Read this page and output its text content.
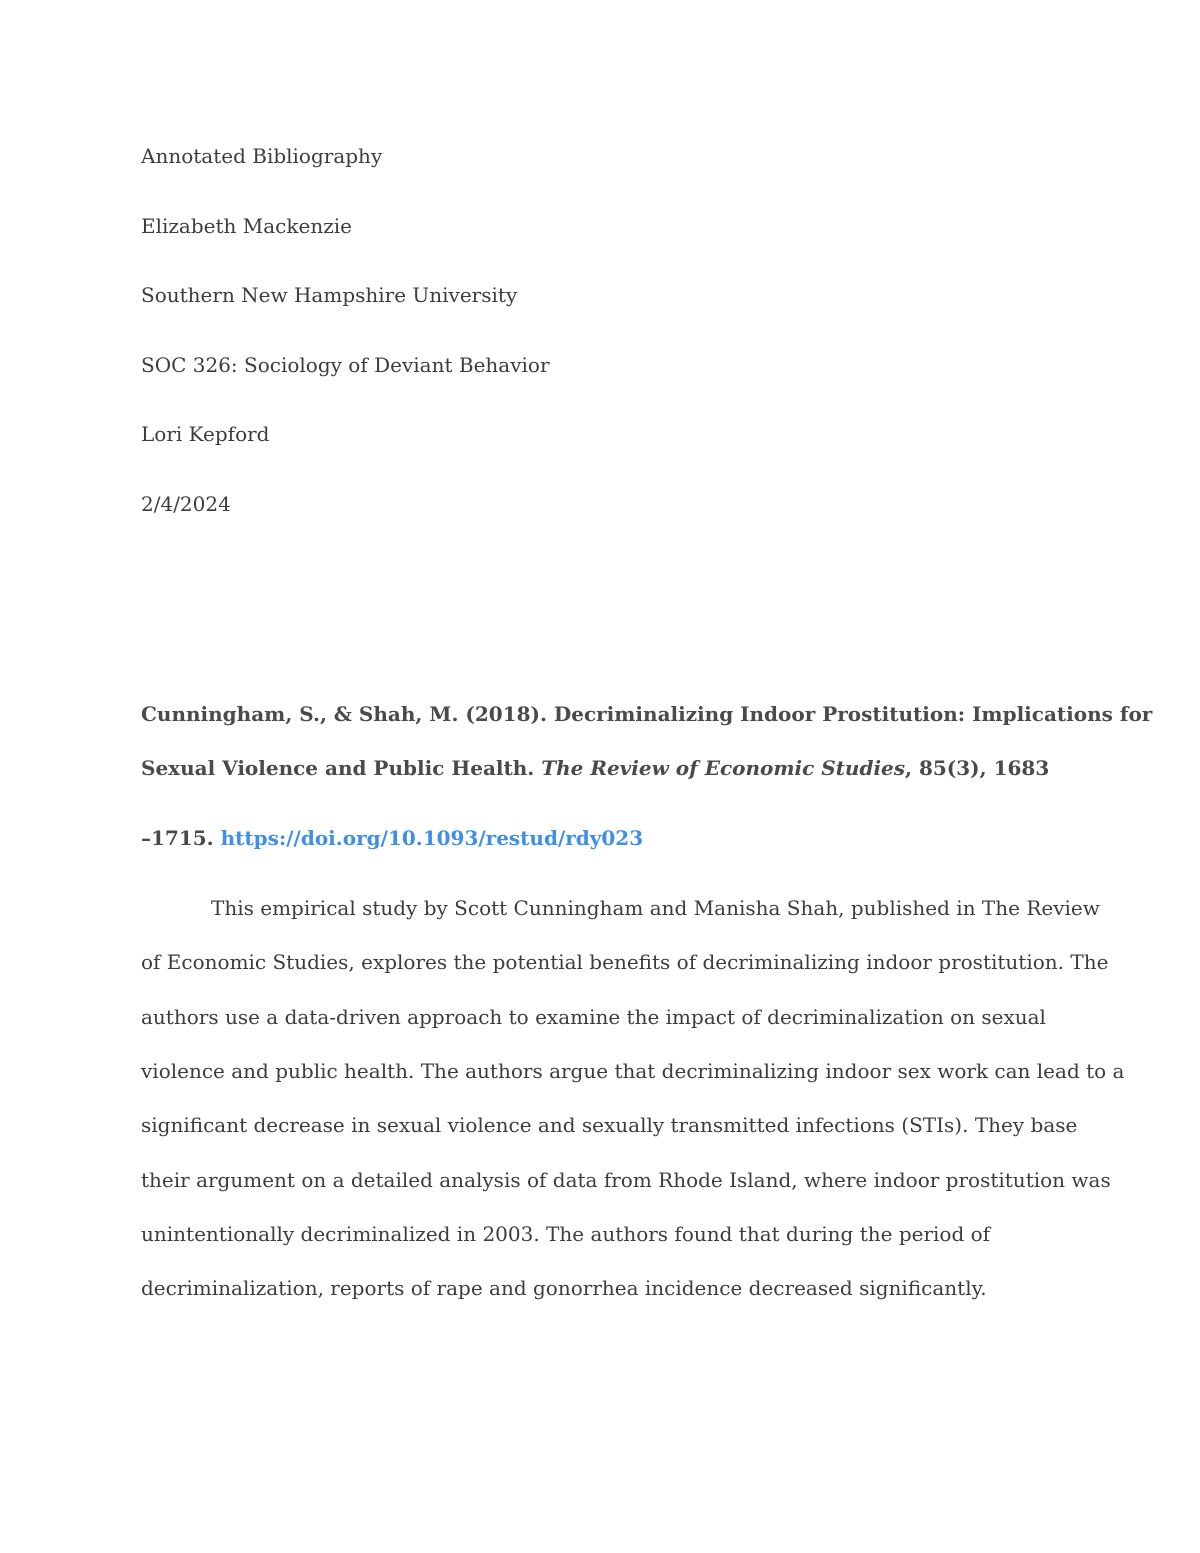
Annotated Bibliography
Elizabeth Mackenzie
Southern New Hampshire University
SOC 326: Sociology of Deviant Behavior
Lori Kepford
2/4/2024
Cunningham, S., & Shah, M. (2018). Decriminalizing Indoor Prostitution: Implications for
Sexual Violence and Public Health. The Review of Economic Studies, 85(3), 1683
–1715. https://doi.org/10.1093/restud/rdy023
This empirical study by Scott Cunningham and Manisha Shah, published in The Review
of Economic Studies, explores the potential benefits of decriminalizing indoor prostitution. The
authors use a data-driven approach to examine the impact of decriminalization on sexual
violence and public health. The authors argue that decriminalizing indoor sex work can lead to a
significant decrease in sexual violence and sexually transmitted infections (STIs). They base
their argument on a detailed analysis of data from Rhode Island, where indoor prostitution was
unintentionally decriminalized in 2003. The authors found that during the period of
decriminalization, reports of rape and gonorrhea incidence decreased significantly.
